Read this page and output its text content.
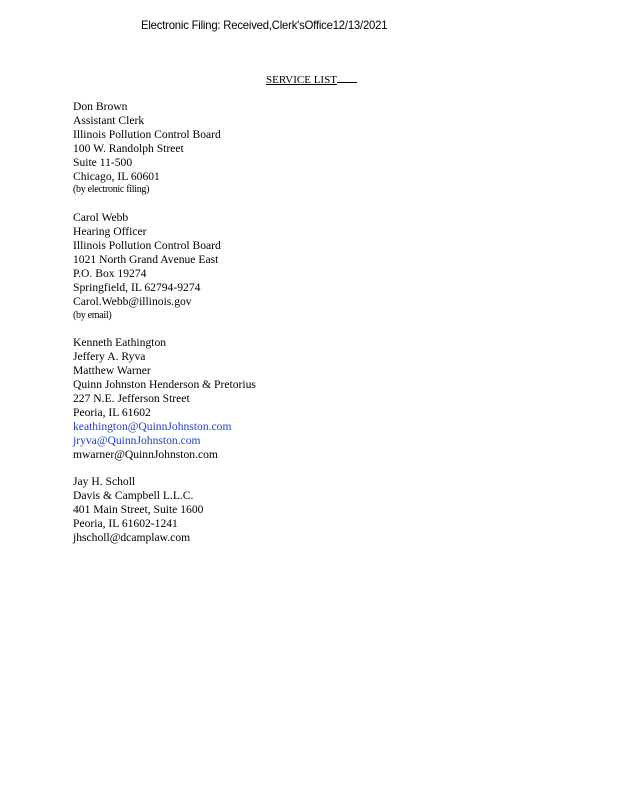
Electronic Filing: Received,Clerk'sOffice12/13/2021
SERVICE LIST
Don Brown
Assistant Clerk
Illinois Pollution Control Board
100 W. Randolph Street
Suite 11-500
Chicago, IL 60601
(by electronic filing)
Carol Webb
Hearing Officer
Illinois Pollution Control Board
1021 North Grand Avenue East
P.O. Box 19274
Springfield, IL 62794-9274
Carol.Webb@illinois.gov
(by email)
Kenneth Eathington
Jeffery A. Ryva
Matthew Warner
Quinn Johnston Henderson & Pretorius
227 N.E. Jefferson Street
Peoria, IL 61602
keathington@QuinnJohnston.com
jryva@QuinnJohnston.com
mwarner@QuinnJohnston.com
Jay H. Scholl
Davis & Campbell L.L.C.
401 Main Street, Suite 1600
Peoria, IL 61602-1241
jhscholl@dcamplaw.com
